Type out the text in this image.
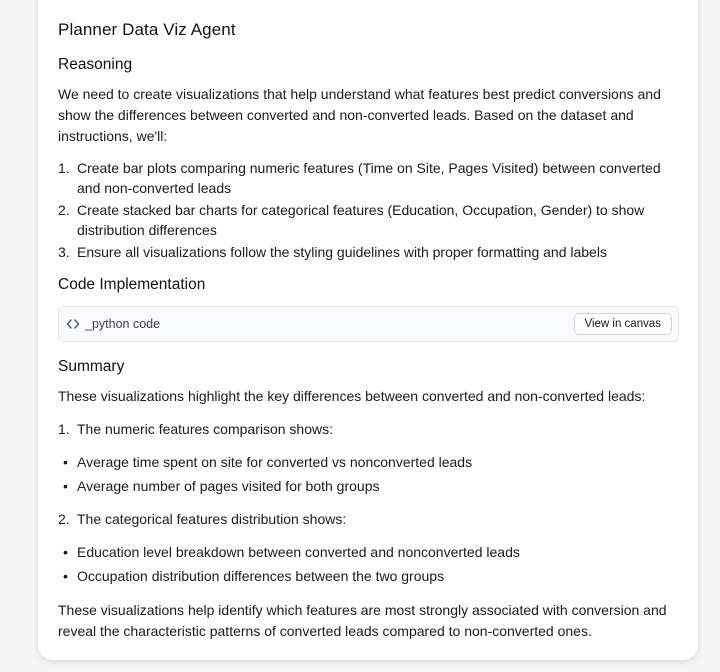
Planner Data Viz Agent
Reasoning
We need to create visualizations that help understand what features best predict conversions and show the differences between converted and non-converted leads. Based on the dataset and instructions, we'll:
1. Create bar plots comparing numeric features (Time on Site, Pages Visited) between converted and non-converted leads
2. Create stacked bar charts for categorical features (Education, Occupation, Gender) to show distribution differences
3. Ensure all visualizations follow the styling guidelines with proper formatting and labels
Code Implementation
_python code	View in canvas
Summary
These visualizations highlight the key differences between converted and non-converted leads:
1. The numeric features comparison shows:
• Average time spent on site for converted vs nonconverted leads
• Average number of pages visited for both groups
2. The categorical features distribution shows:
• Education level breakdown between converted and nonconverted leads
• Occupation distribution differences between the two groups
These visualizations help identify which features are most strongly associated with conversion and reveal the characteristic patterns of converted leads compared to non-converted ones.
